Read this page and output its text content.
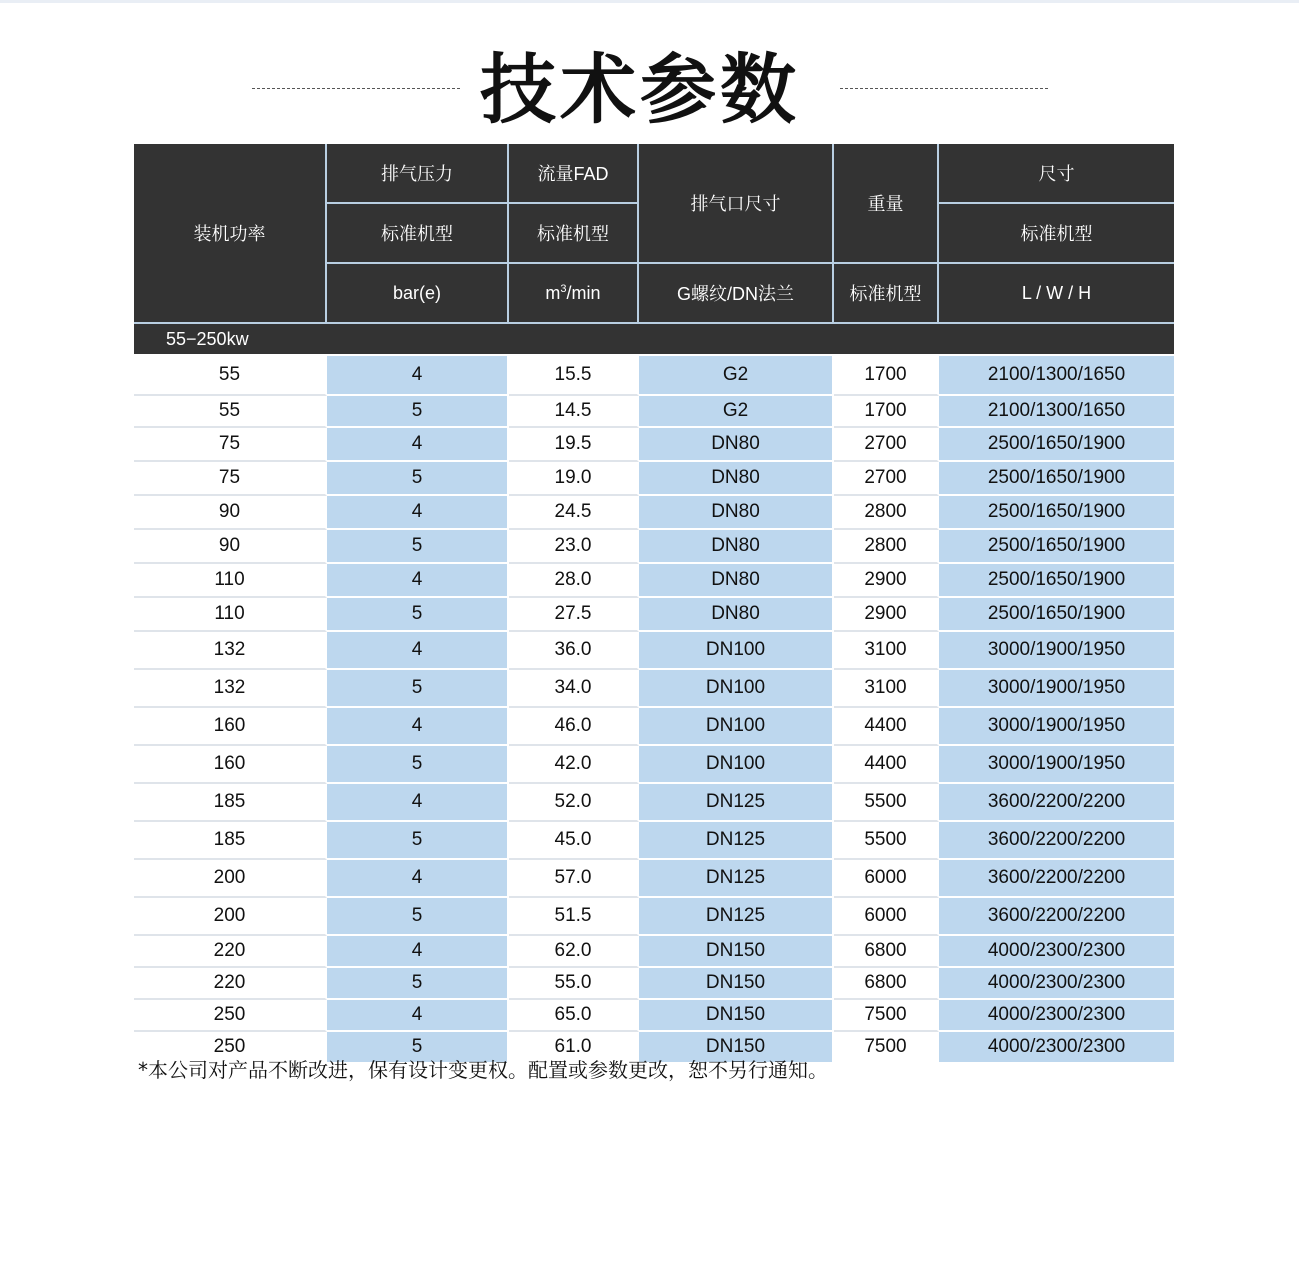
技术参数
装机功率	排气压力	流量FAD	排气口尺寸	重量	尺寸
	标准机型	标准机型			标准机型
	bar(e)	$m^3/\min$	G螺纹/DN法兰	标准机型	L / W / H
55−250kw					
55	4	15.5	G2	1700	2100/1300/1650
55	5	14.5	G2	1700	2100/1300/1650
75	4	19.5	DN80	2700	2500/1650/1900
75	5	19.0	DN80	2700	2500/1650/1900
90	4	24.5	DN80	2800	2500/1650/1900
90	5	23.0	DN80	2800	2500/1650/1900
110	4	28.0	DN80	2900	2500/1650/1900
110	5	27.5	DN80	2900	2500/1650/1900
132	4	36.0	DN100	3100	3000/1900/1950
132	5	34.0	DN100	3100	3000/1900/1950
160	4	46.0	DN100	4400	3000/1900/1950
160	5	42.0	DN100	4400	3000/1900/1950
185	4	52.0	DN125	5500	3600/2200/2200
185	5	45.0	DN125	5500	3600/2200/2200
200	4	57.0	DN125	6000	3600/2200/2200
200	5	51.5	DN125	6000	3600/2200/2200
220	4	62.0	DN150	6800	4000/2300/2300
220	5	55.0	DN150	6800	4000/2300/2300
250	4	65.0	DN150	7500	4000/2300/2300
250	5	61.0	DN150	7500	4000/2300/2300
*本公司对产品不断改进，保有设计变更权。配置或参数更改，恕不另行通知。
